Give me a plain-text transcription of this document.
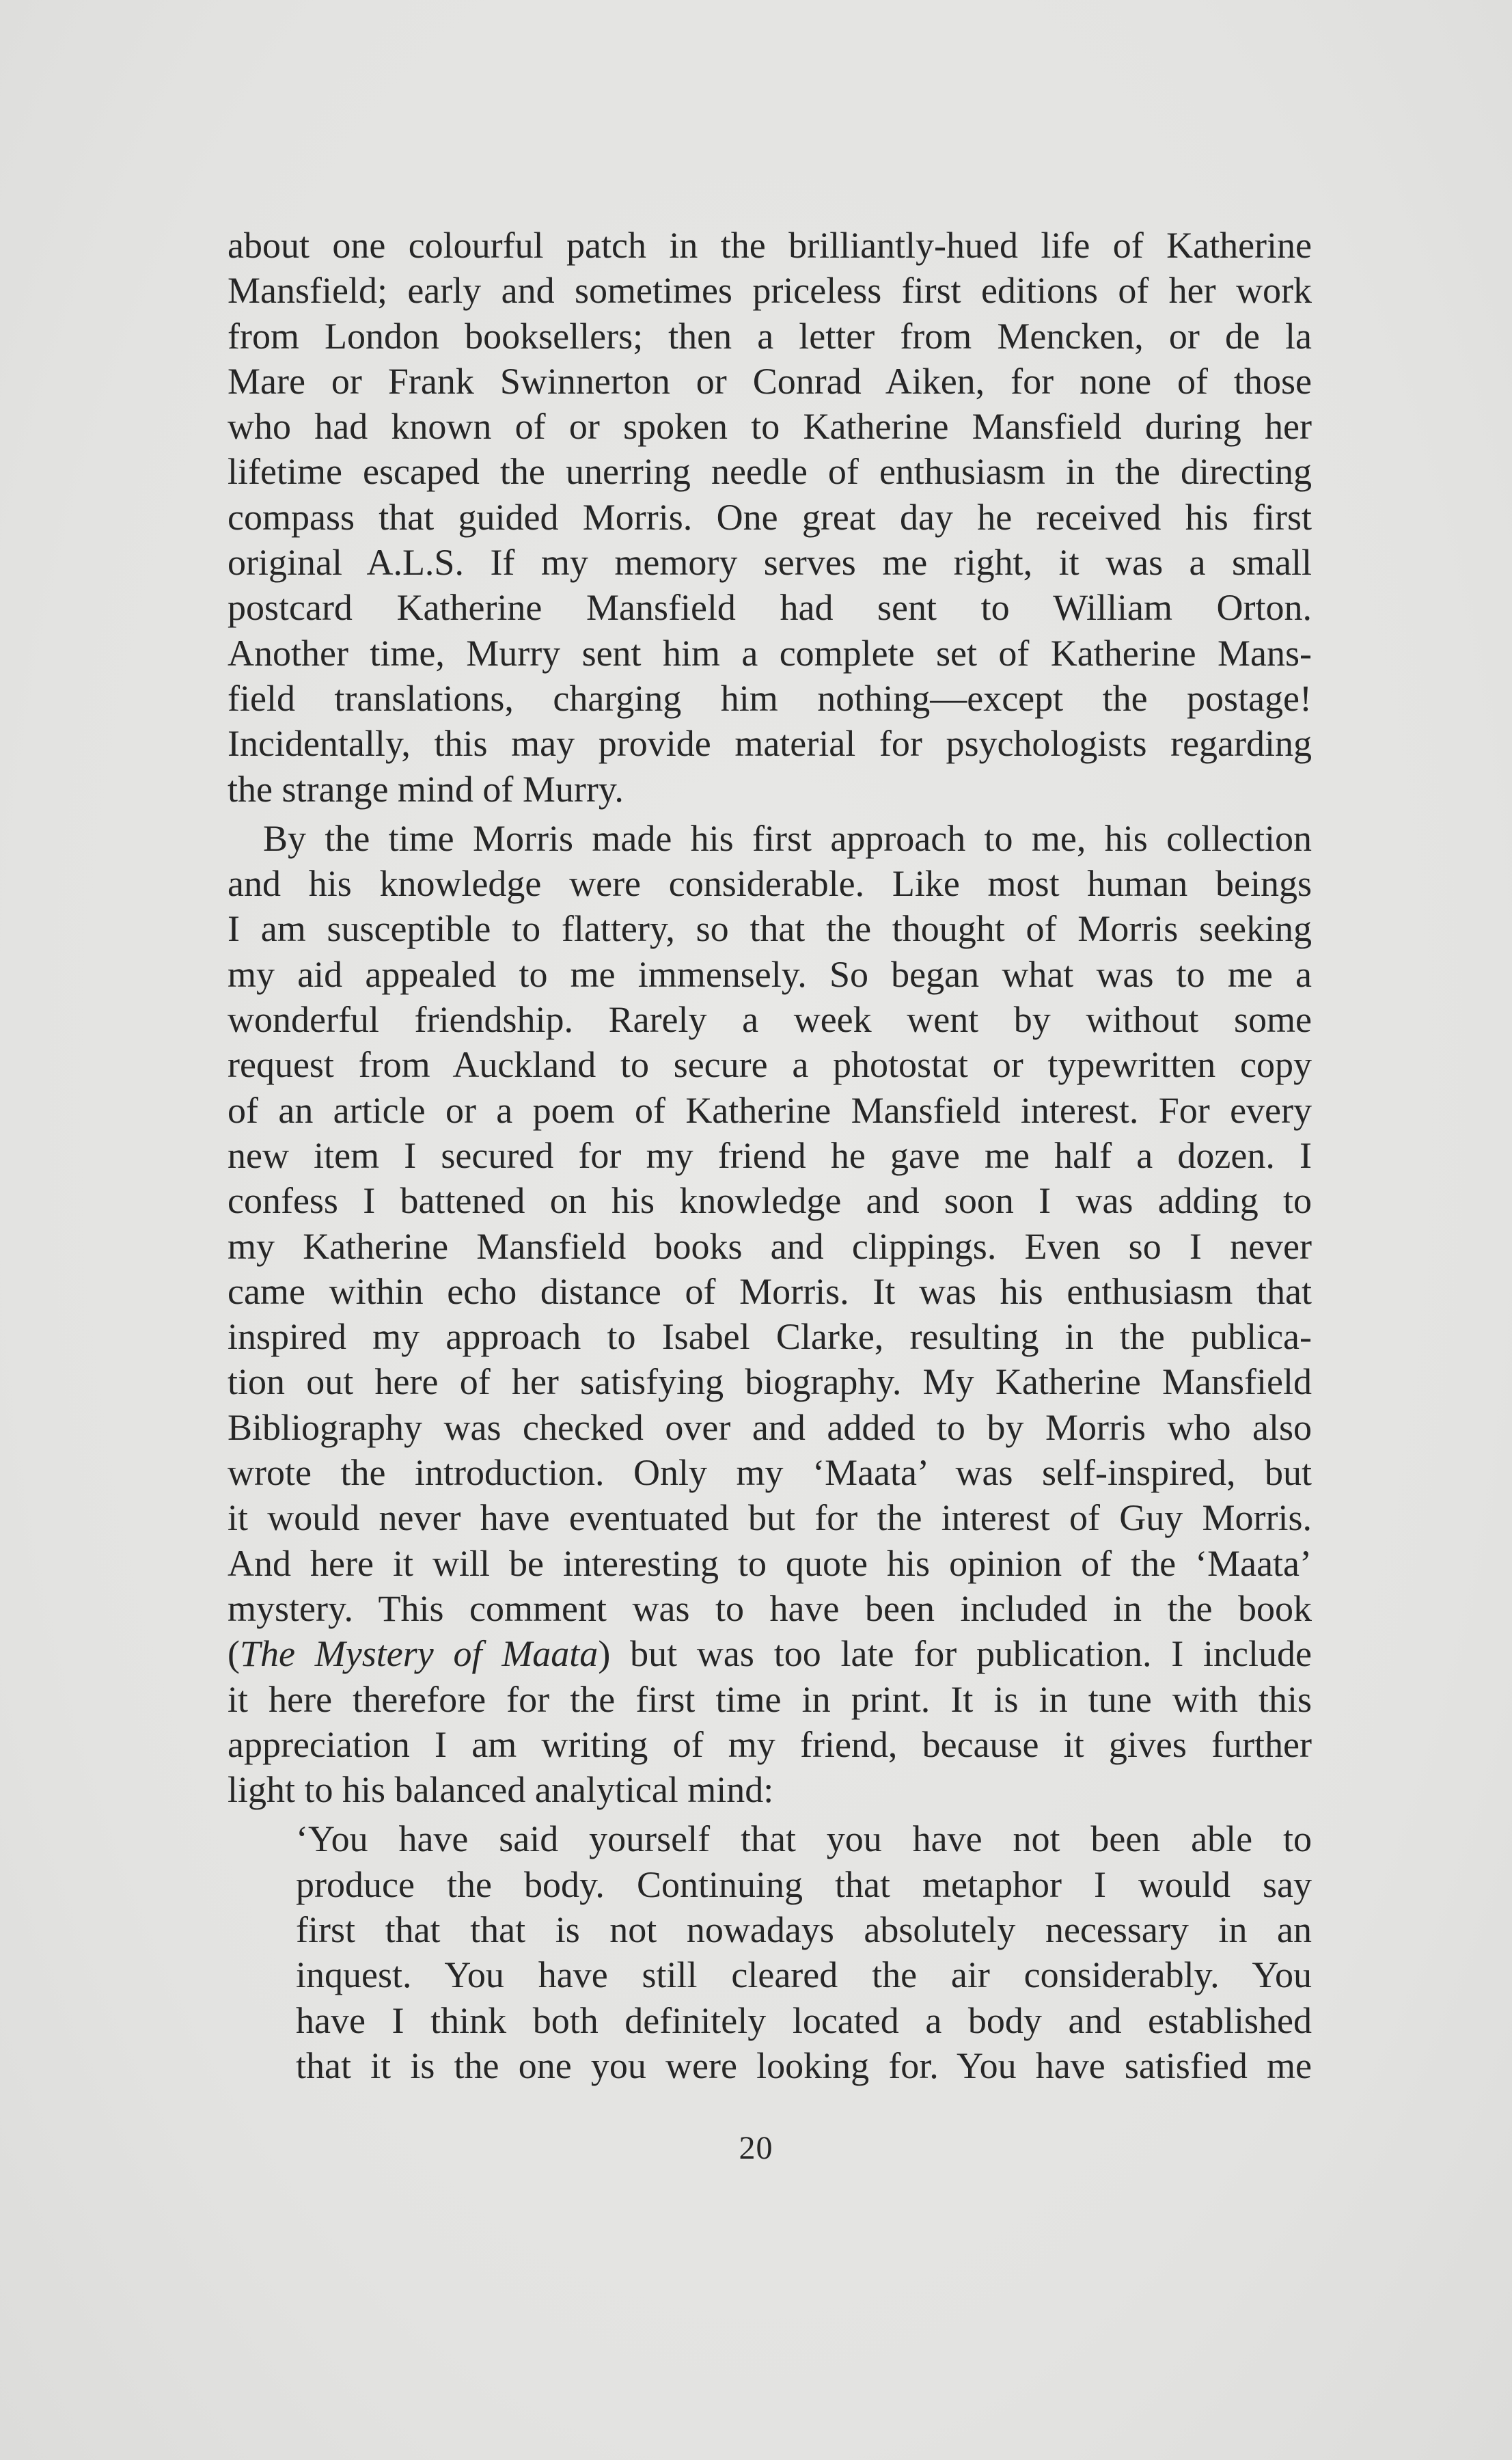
about one colourful patch in the brilliantly-hued life of Katherine
Mansfield; early and sometimes priceless first editions of her work
from London booksellers; then a letter from Mencken, or de la
Mare or Frank Swinnerton or Conrad Aiken, for none of those
who had known of or spoken to Katherine Mansfield during her
lifetime escaped the unerring needle of enthusiasm in the directing
compass that guided Morris. One great day he received his first
original A.L.S. If my memory serves me right, it was a small
postcard Katherine Mansfield had sent to William Orton.
Another time, Murry sent him a complete set of Katherine Mans-
field translations, charging him nothing—except the postage!
Incidentally, this may provide material for psychologists regarding
the strange mind of Murry.
By the time Morris made his first approach to me, his collection
and his knowledge were considerable. Like most human beings
I am susceptible to flattery, so that the thought of Morris seeking
my aid appealed to me immensely. So began what was to me a
wonderful friendship. Rarely a week went by without some
request from Auckland to secure a photostat or typewritten copy
of an article or a poem of Katherine Mansfield interest. For every
new item I secured for my friend he gave me half a dozen. I
confess I battened on his knowledge and soon I was adding to
my Katherine Mansfield books and clippings. Even so I never
came within echo distance of Morris. It was his enthusiasm that
inspired my approach to Isabel Clarke, resulting in the publica-
tion out here of her satisfying biography. My Katherine Mansfield
Bibliography was checked over and added to by Morris who also
wrote the introduction. Only my ‘Maata’ was self-inspired, but
it would never have eventuated but for the interest of Guy Morris.
And here it will be interesting to quote his opinion of the ‘Maata’
mystery. This comment was to have been included in the book
(The Mystery of Maata) but was too late for publication. I include
it here therefore for the first time in print. It is in tune with this
appreciation I am writing of my friend, because it gives further
light to his balanced analytical mind:
‘You have said yourself that you have not been able to
produce the body. Continuing that metaphor I would say
first that that is not nowadays absolutely necessary in an
inquest. You have still cleared the air considerably. You
have I think both definitely located a body and established
that it is the one you were looking for. You have satisfied me
20
